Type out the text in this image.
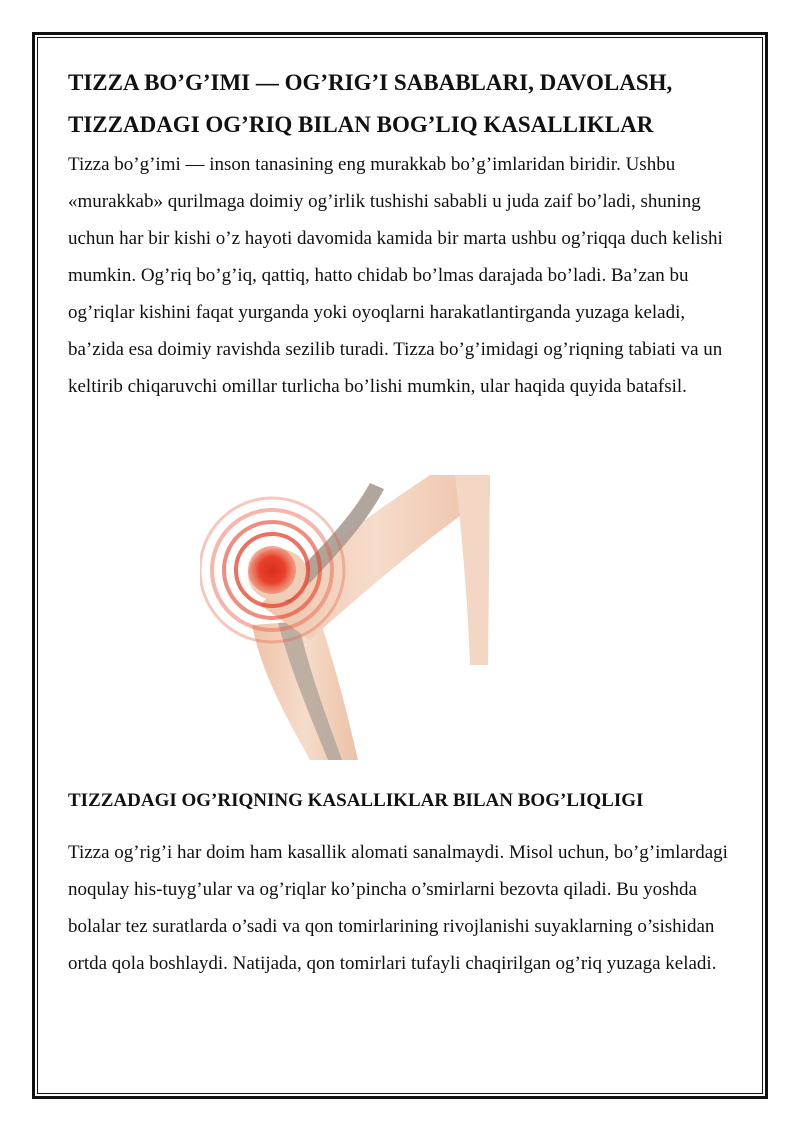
TIZZA BO’G’IMI — OG’RIG’I SABABLARI, DAVOLASH, TIZZADAGI OG’RIQ BILAN BOG’LIQ KASALLIKLAR

Tizza bo’g’imi — inson tanasining eng murakkab bo’g’imlaridan biridir. Ushbu «murakkab» qurilmaga doimiy og’irlik tushishi sababli u juda zaif bo’ladi, shuning uchun har bir kishi o’z hayoti davomida kamida bir marta ushbu og’riqqa duch kelishi mumkin. Og’riq bo’g’iq, qattiq, hatto chidab bo’lmas darajada bo’ladi. Ba’zan bu og’riqlar kishini faqat yurganda yoki oyoqlarni harakatlantirganda yuzaga keladi, ba’zida esa doimiy ravishda sezilib turadi. Tizza bo’g’imidagi og’riqning tabiati va un keltirib chiqaruvchi omillar turlicha bo’lishi mumkin, ular haqida quyida batafsil.

TIZZADAGI OG’RIQNING KASALLIKLAR BILAN BOG’LIQLIGI

Tizza og’rig’i har doim ham kasallik alomati sanalmaydi. Misol uchun, bo’g’imlardagi noqulay his-tuyg’ular va og’riqlar ko’pincha o’smirlarni bezovta qiladi. Bu yoshda bolalar tez suratlarda o’sadi va qon tomirlarining rivojlanishi suyaklarning o’sishidan ortda qola boshlaydi. Natijada, qon tomirlari tufayli chaqirilgan og’riq yuzaga keladi.
